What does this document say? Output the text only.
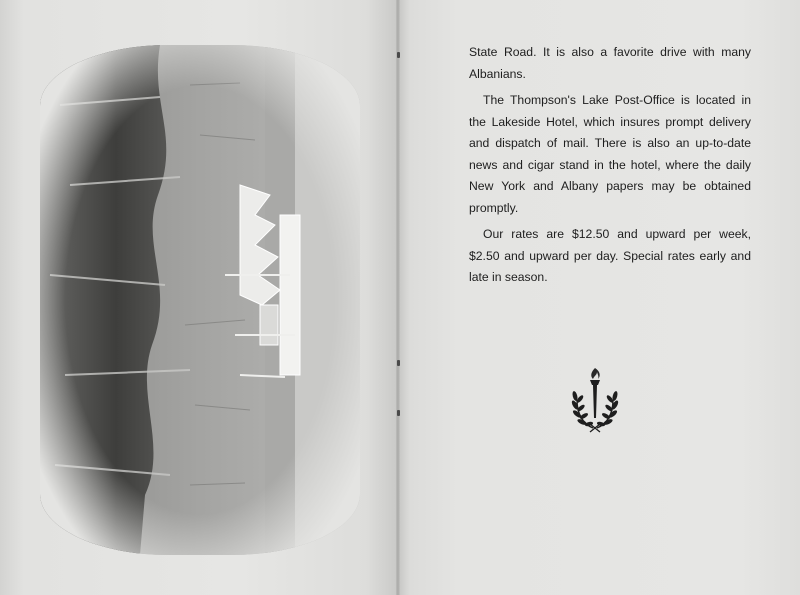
State Road. It is also a favorite drive with many Albanians.

The Thompson's Lake Post-Office is located in the Lakeside Hotel, which insures prompt delivery and dispatch of mail. There is also an up-to-date news and cigar stand in the hotel, where the daily New York and Albany papers may be obtained promptly.

Our rates are $12.50 and upward per week, $2.50 and upward per day. Special rates early and late in season.
